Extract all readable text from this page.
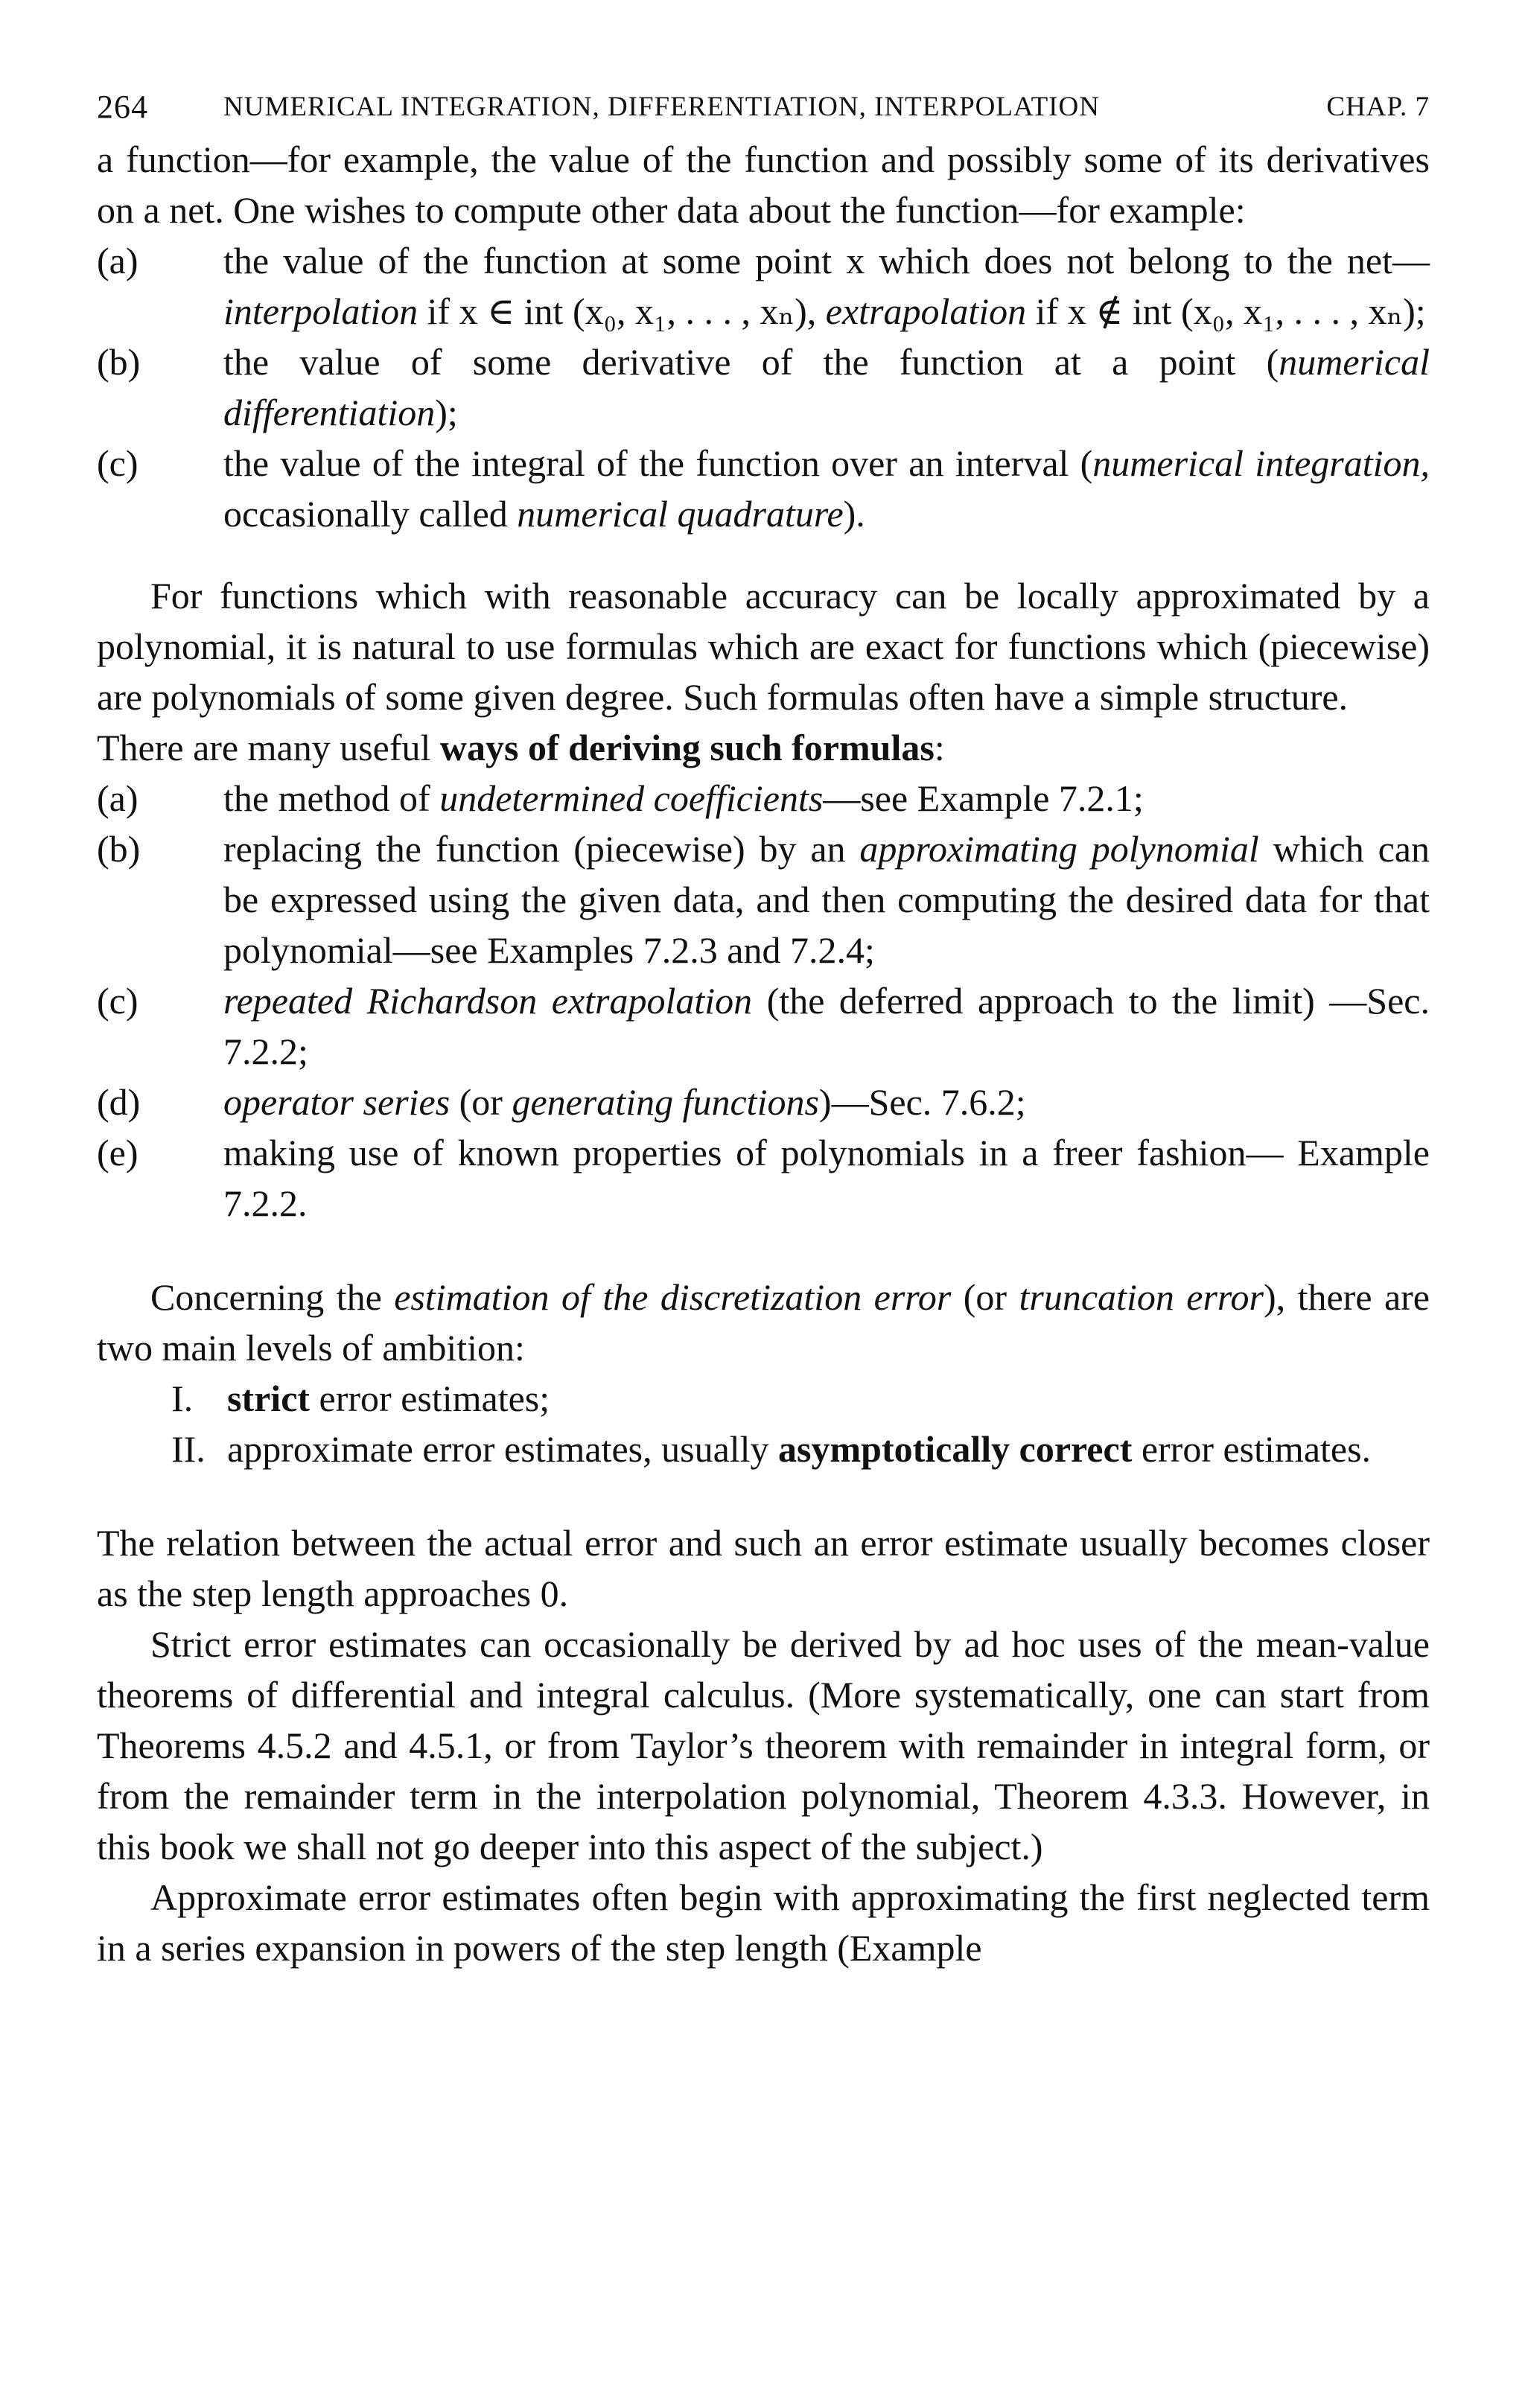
264	NUMERICAL INTEGRATION, DIFFERENTIATION, INTERPOLATION	CHAP. 7

a function—for example, the value of the function and possibly some of its derivatives on a net. One wishes to compute other data about the function—for example:

(a) the value of the function at some point x which does not belong to the net—interpolation if x ∈ int (x₀, x₁, . . . , xₙ), extrapolation if x ∉ int (x₀, x₁, . . . , xₙ);
(b) the value of some derivative of the function at a point (numerical differentiation);
(c) the value of the integral of the function over an interval (numerical integration, occasionally called numerical quadrature).

For functions which with reasonable accuracy can be locally approximated by a polynomial, it is natural to use formulas which are exact for functions which (piecewise) are polynomials of some given degree. Such formulas often have a simple structure.

There are many useful ways of deriving such formulas:

(a) the method of undetermined coefficients—see Example 7.2.1;
(b) replacing the function (piecewise) by an approximating polynomial which can be expressed using the given data, and then computing the desired data for that polynomial—see Examples 7.2.3 and 7.2.4;
(c) repeated Richardson extrapolation (the deferred approach to the limit) —Sec. 7.2.2;
(d) operator series (or generating functions)—Sec. 7.6.2;
(e) making use of known properties of polynomials in a freer fashion— Example 7.2.2.

Concerning the estimation of the discretization error (or truncation error), there are two main levels of ambition:

I. strict error estimates;
II. approximate error estimates, usually asymptotically correct error estimates.

The relation between the actual error and such an error estimate usually becomes closer as the step length approaches 0.

Strict error estimates can occasionally be derived by ad hoc uses of the mean-value theorems of differential and integral calculus. (More systematically, one can start from Theorems 4.5.2 and 4.5.1, or from Taylor’s theorem with remainder in integral form, or from the remainder term in the interpolation polynomial, Theorem 4.3.3. However, in this book we shall not go deeper into this aspect of the subject.)

Approximate error estimates often begin with approximating the first neglected term in a series expansion in powers of the step length (Example
